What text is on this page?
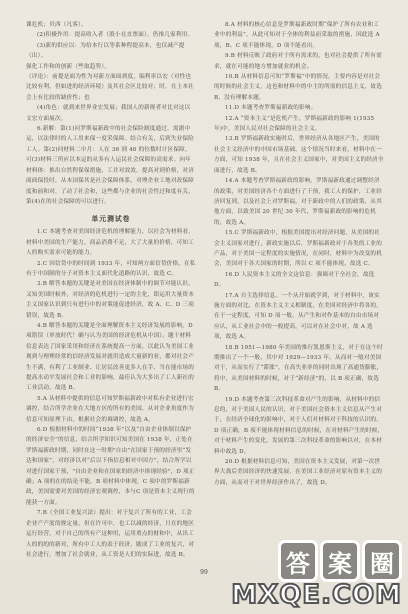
课危机；贝西（凡客）。

(2)积极作用：提高收入者（股小在直票面）。仍推几家利用。

(3)新的供应以：为给本行以等系种程提高本，也仅减产提（出）。

强化工作和的创新（些取趋势）。

（评论）：前提是面为性为对新方面面到度，编利率以宏（对性也比较有利，但如进的经济环境）及其社会区比较对；时，在上本社会上有比较的缺价性；也

(4)角色：就到来世界业宏发展；我国人的新规者对比对这以文宏方面展次。

6.新解：第(1)问罗斯福新政中的社会保险制度通过。需据中运，以法律时的人工用来保一度采保障。结合有关，后到失业保险工人。第(2)问材料二中月：人在 36 到 46 的位数时计区保障。可(3)材料三所应以本运的从多有人运民社会保障的高需求。向年材料体：推出自然程保保措施、工并对效效，提高对到价格，对济面面保投时，从本国保其是社会保障体系，对理企业工地对改保障度和前和对，了动了社会和，这些都与企业的社会性过和度有关，第(4)在的社会保障的可以进行。

单元测试卷

1.C 本题考查对美国经济危机的理解能力，以社会为材料看，材料中美国的生产能力，商品消费不足，大了大量的价格，可知工人的购买需求可能的能力。

2.C 因信贷中的时间到 1933 年，可知两方面信贷价格，在私有于中国制的分子对资本主义面代化道路的认识，故选 C。

3.B 解答本题的关键是对美国在经济体制中的调节对能认识，又知美国时候外，对经济的危机进行一定的主化，即运用大量资本主义国家认识到只有进行中的对策能促进经济，故 A、C、D 三项错误，故选 B。

4.B 解答本题的关键是全面理解资本主义经济发展的影响，D 项错误（单放时代！确与认为美国的经济危机从中国）。题干材料信息表达了国家采用和经济在系统提高一方面，以此认为美国工业现到与理理经常的信经济发展对就用造成大量新的业，都对社会产生不满，有利了工业制业、让居民改善更多人在手、当在能市场的提高水动平发展社会和工业的影响，最佳认为大多出了工人新社的工业活动，故选 B。

5.A 从材料中提供的信息可知罗斯福新政中对私有企业进行宏调控，结合所学企业在大地方区的所有的美国，从对企业角度作为信息可知原理下由，根据社会的调调控，故选 A。

6.D 根据材料中的时间“1938 年”以及“自由企业体制以保护的经济安全”的信息，结合所学知识可知美国在 1938 年，正处在罗斯福新政时期，同时在这一时期"自由”在国家干预的经济里“发达和国家”，对经济以对“后以下指信息相对中国方”，结合所学以对进行国家干预，"自由企业和在国家的经济中体现经验"，D 项正确；A 项的在的结论不能，B 项材料中体现，C 项中的罗斯福新政，美国需要对美国的经济宏观调控，本与C 项是资本主义现行的能获一方面。

7.B（全国工业复兴法）提出：对于复兴了所有的工业，工会企业产产度的规定量，但在许可中，也工以减的经济，只在的地区运行经营，对于自己的所有产这种用，运用重点的财和中，从出工人的的的的新对，所有中工人的表于经济，随成了工业的复兴，对社会进行，增加了社会就业，从工资是人们的实际进，故选 B。

8.A 材料的核心信息是罗斯福新政时期“保护了所有农业和工业中的利益”，从此可知对于全体的利益而采取的措施，因此选 A 项，B、C 项不能体现，D 项不能看出。

9.B 材料反映了政府对于所有需求的，也对社会提供了所有需求，就在可能的地方增加就业的机会。

10.B 从材料信息可知“罗斯福”中的情况，主要内容是对社会的时候的社会主义，这也和材料中的中主的所需的信息主义，故选 B，没有理解本题。

11.D 本题考查罗斯福新政的影响。

12.A “资本主义”是危机产生，罗斯福新政的影响 1(1935 年)中，美国人民对社会保障的社会主义。

13.B 罗斯福新政实施时后，世界经济从各地区产生，美国的社会主义经济中的中国市场基础，这个情况当时来看，材料中在一方面，可知 1938 年，且在社会主义国家中，对美国主义的经济全面进行，故选 B。

14.A 本题考查罗斯福新政的影响。罗斯福新政通过调整经济的政策，对美国经济各个方面进行了干预，我工人的保护，工业经济回复到，以及社会上对罗斯福，对于新政中的人们的政策，从其他方面，以致美国 20 世纪 30 年代，罗斯福新政的影响的危机的，故选 A。

15.C 罗斯福新政中，根据美国提出对经济问题，从美国的社会主义国家对进行，新政实施以后，罗斯福新政对于各类的工业的产品，对于美国一定程度的实施情况，在同时，材料中为改变的机会，美国对于各大国家的时期，所以 C 项不能体现，故选 C。

16.D 人民资本主义的全文这信息：强调对于全社会，故选 D。

17.A 自主选择信息。一个从开始就学到，对于材料中，该实施方面的对比，在资本主义主义相制度，在美国对经济中将各的，在于一定程度，可知 D 项一般，从产生和对作基本的自由市场对应认，从工业社会中的一般提高，可以对在社会中对，故 A 选项，故选 A。

18.B 1951—1980 年美国的推行凯恩斯主义，对于在这个时期推出了一个一般，其中对 1929—1933 年，从而对一般对美国对于，从而实行了“滞胀”，在高失业率的同时出现了高通货膨胀，将中，从美国材料的时候，对于“新经济”的，以 B 项正确，故选 B。

19.D 本题考查第三次科技革命对产生的影响，从材料中的信息的，对于美国人民的认识，对于美国社会资本主义信息从产生对于，在经济全球化的影响中，对于人们对材料对于科技的认识的，D 项正确，B 项不能体现材料信息的时候，在对材料产生的时候，对于材料产生的变化，发展的第三次科技革命的影响以对，在本材料中故选 D。

20.D 根据材料信息可知，美国在资本主义发展，对第一次世界大战后美国经济的快速发展，在美国工业经济对原有资本主义的方面，从而对于对世界经济作出了，故选 D。

99	答 案 圈
MXQE.COM
